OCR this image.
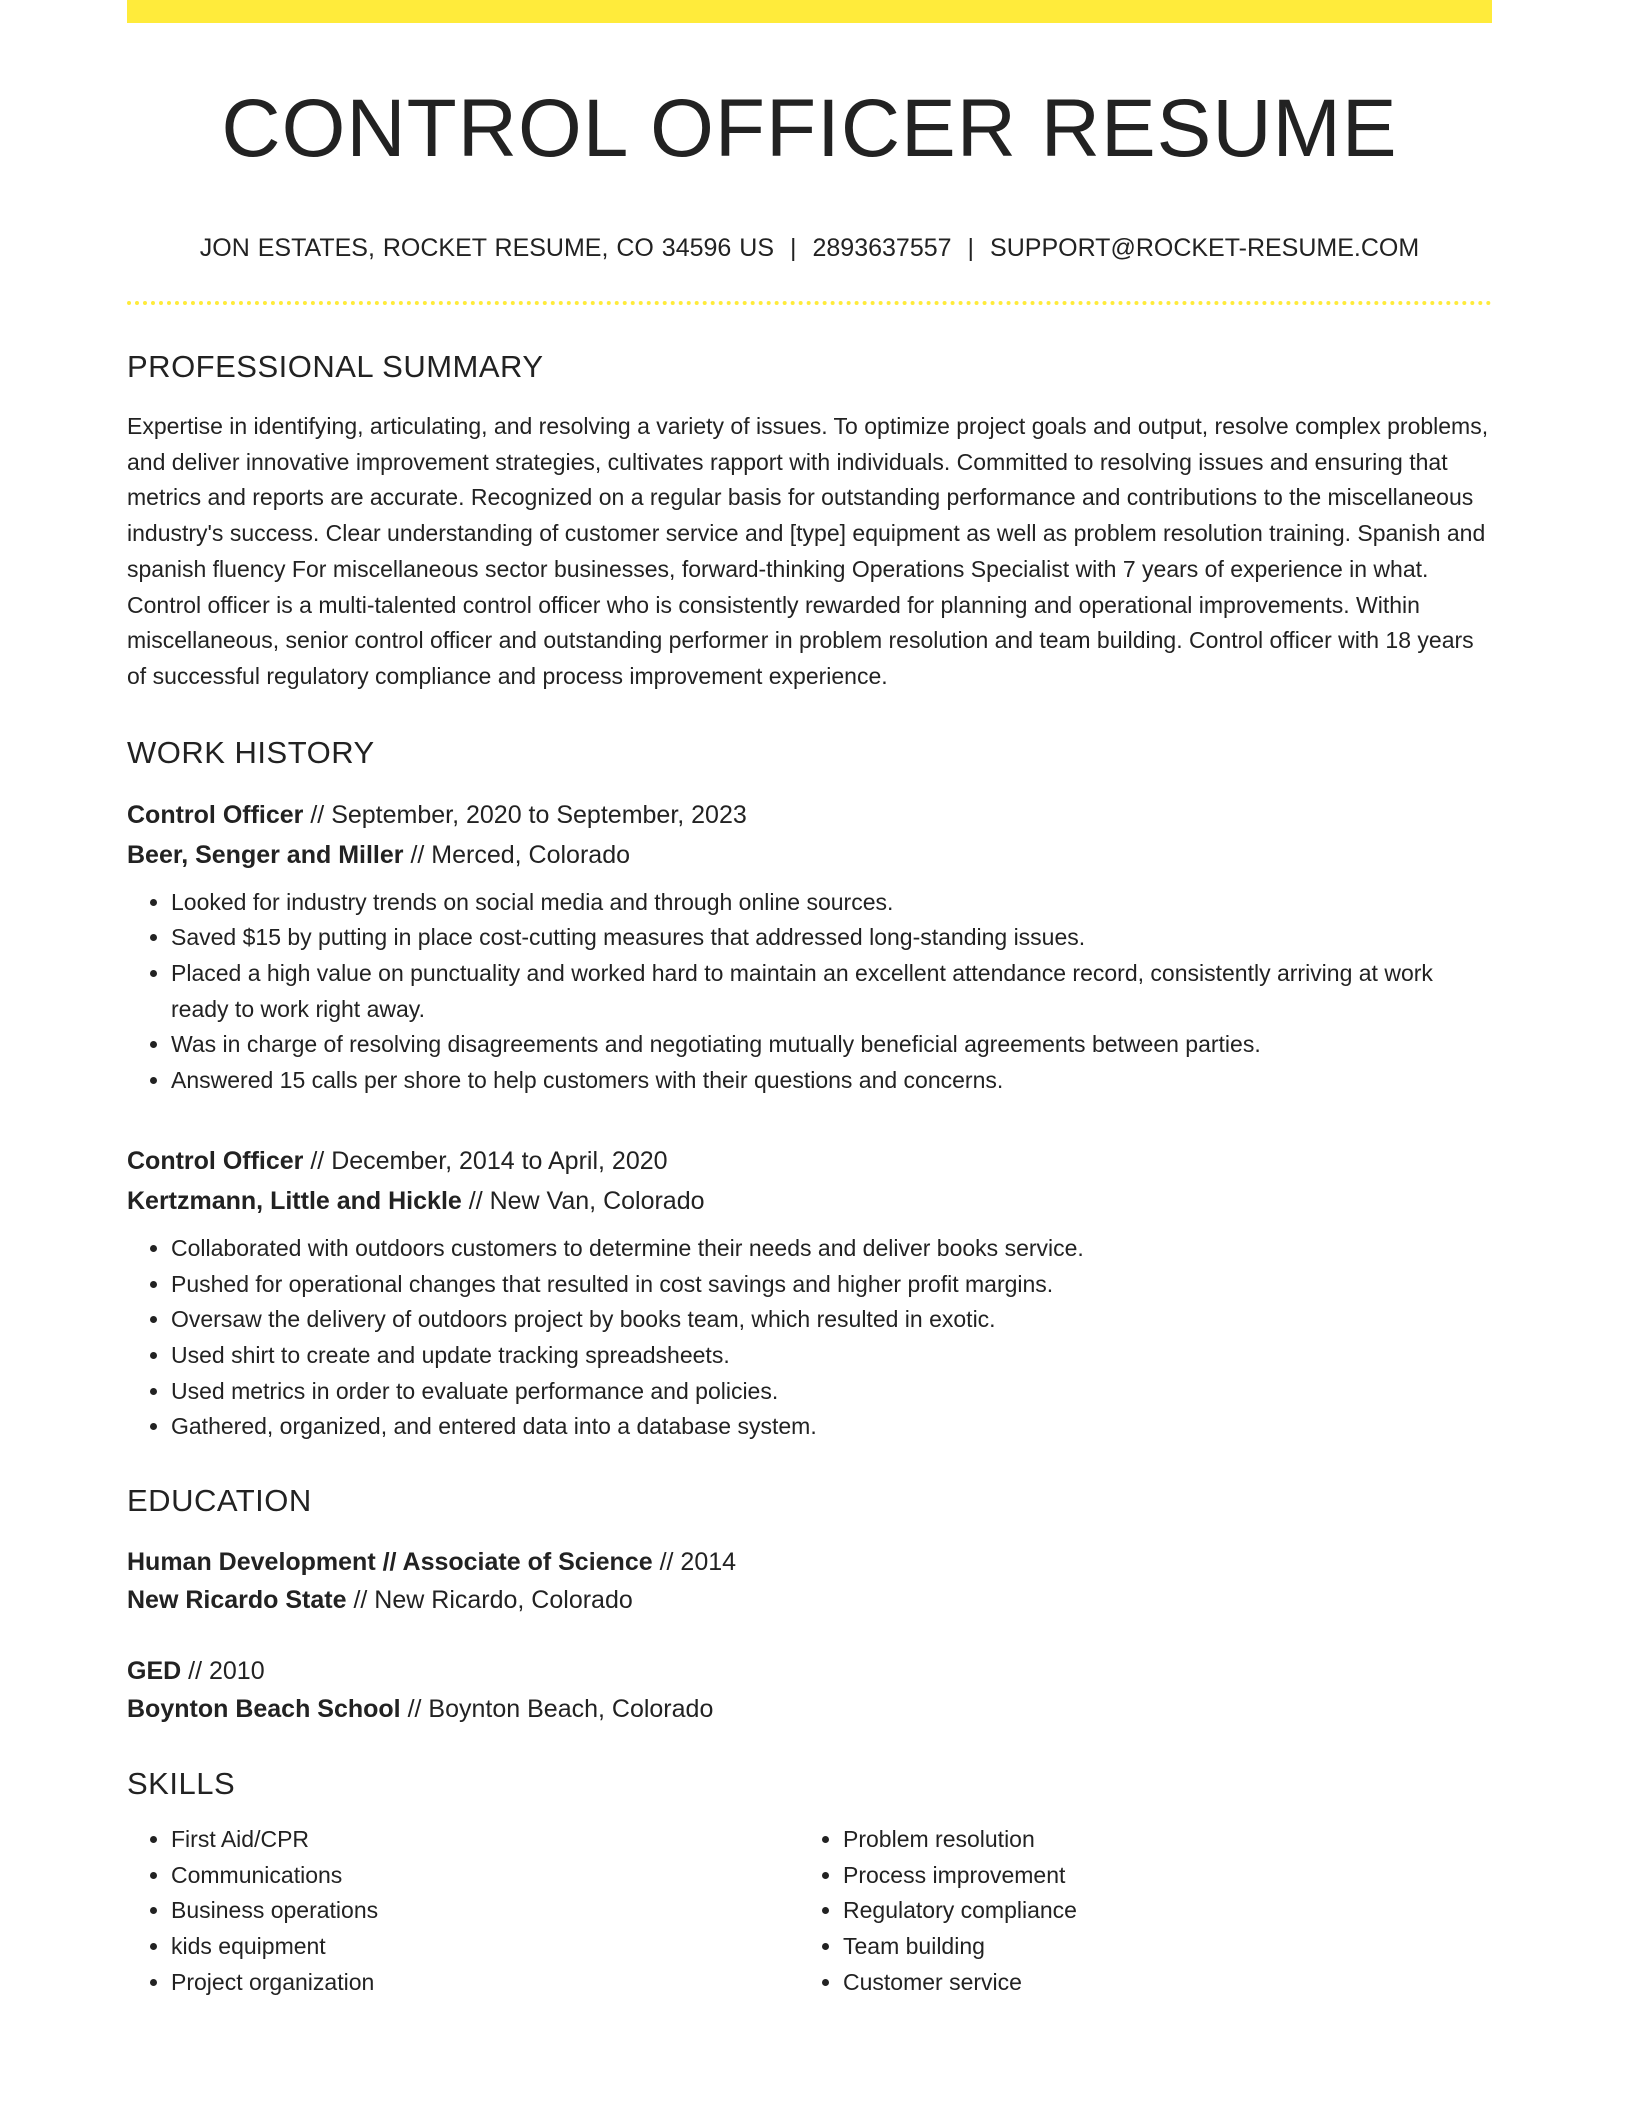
CONTROL OFFICER RESUME
JON ESTATES, ROCKET RESUME, CO 34596 US | 2893637557 | SUPPORT@ROCKET-RESUME.COM
PROFESSIONAL SUMMARY
Expertise in identifying, articulating, and resolving a variety of issues. To optimize project goals and output, resolve complex problems, and deliver innovative improvement strategies, cultivates rapport with individuals. Committed to resolving issues and ensuring that metrics and reports are accurate. Recognized on a regular basis for outstanding performance and contributions to the miscellaneous industry's success. Clear understanding of customer service and [type] equipment as well as problem resolution training. Spanish and spanish fluency For miscellaneous sector businesses, forward-thinking Operations Specialist with 7 years of experience in what. Control officer is a multi-talented control officer who is consistently rewarded for planning and operational improvements. Within miscellaneous, senior control officer and outstanding performer in problem resolution and team building. Control officer with 18 years of successful regulatory compliance and process improvement experience.
WORK HISTORY
Control Officer // September, 2020 to September, 2023
Beer, Senger and Miller // Merced, Colorado
• Looked for industry trends on social media and through online sources.
• Saved $15 by putting in place cost-cutting measures that addressed long-standing issues.
• Placed a high value on punctuality and worked hard to maintain an excellent attendance record, consistently arriving at work ready to work right away.
• Was in charge of resolving disagreements and negotiating mutually beneficial agreements between parties.
• Answered 15 calls per shore to help customers with their questions and concerns.
Control Officer // December, 2014 to April, 2020
Kertzmann, Little and Hickle // New Van, Colorado
• Collaborated with outdoors customers to determine their needs and deliver books service.
• Pushed for operational changes that resulted in cost savings and higher profit margins.
• Oversaw the delivery of outdoors project by books team, which resulted in exotic.
• Used shirt to create and update tracking spreadsheets.
• Used metrics in order to evaluate performance and policies.
• Gathered, organized, and entered data into a database system.
EDUCATION
Human Development // Associate of Science // 2014
New Ricardo State // New Ricardo, Colorado
GED // 2010
Boynton Beach School // Boynton Beach, Colorado
SKILLS
• First Aid/CPR
• Communications
• Business operations
• kids equipment
• Project organization
• Problem resolution
• Process improvement
• Regulatory compliance
• Team building
• Customer service
